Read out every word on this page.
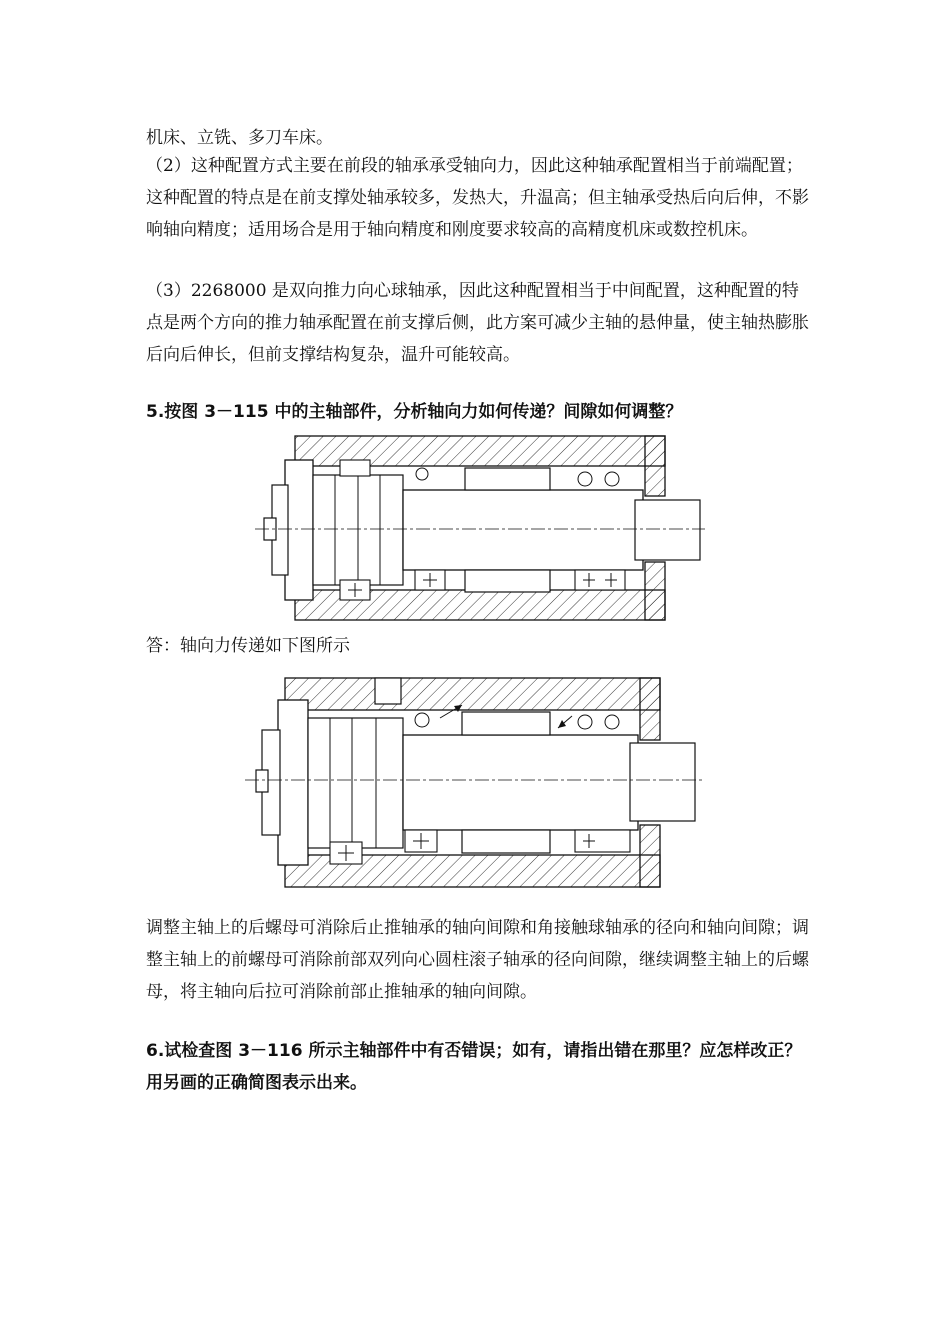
机床、立铣、多刀车床。

（2）这种配置方式主要在前段的轴承承受轴向力，因此这种轴承配置相当于前端配置；这种配置的特点是在前支撑处轴承较多，发热大，升温高；但主轴承受热后向后伸，不影响轴向精度；适用场合是用于轴向精度和刚度要求较高的高精度机床或数控机床。

（3）2268000 是双向推力向心球轴承，因此这种配置相当于中间配置，这种配置的特点是两个方向的推力轴承配置在前支撑后侧，此方案可减少主轴的悬伸量，使主轴热膨胀后向后伸长，但前支撑结构复杂，温升可能较高。

5.按图 3－115 中的主轴部件，分析轴向力如何传递？间隙如何调整？

答：轴向力传递如下图所示

调整主轴上的后螺母可消除后止推轴承的轴向间隙和角接触球轴承的径向和轴向间隙；调整主轴上的前螺母可消除前部双列向心圆柱滚子轴承的径向间隙，继续调整主轴上的后螺母，将主轴向后拉可消除前部止推轴承的轴向间隙。

6.试检查图 3－116 所示主轴部件中有否错误；如有，请指出错在那里？应怎样改正？用另画的正确简图表示出来。
